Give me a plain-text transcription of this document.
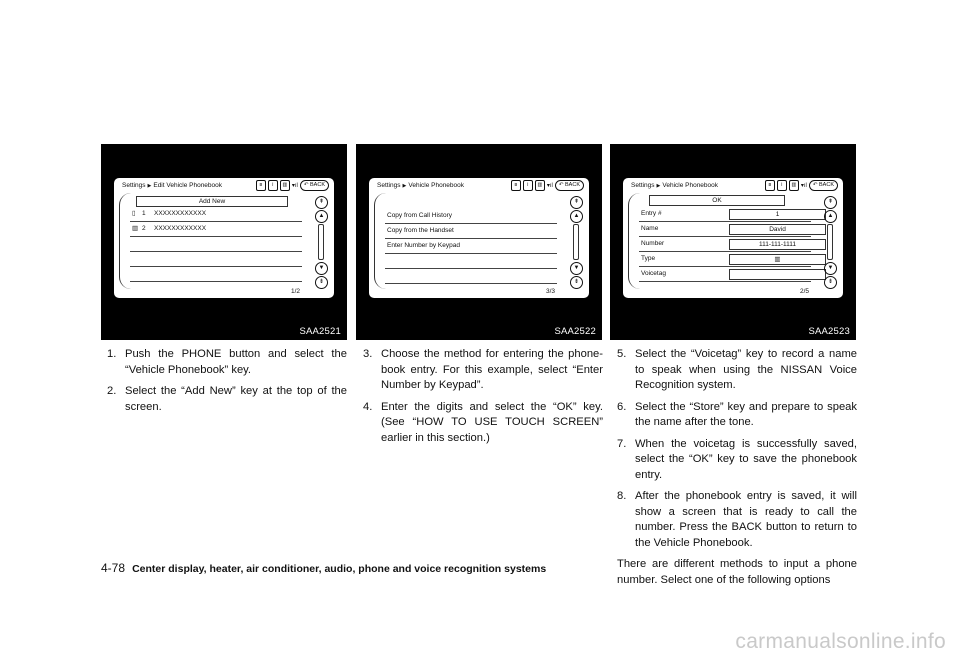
Settings ▶ Edit Vehicle Phonebook	ʙ	i	▥ ▾ıl	↶ BACK
Add New
▯ 1 XXXXXXXXXXXX
▥ 2 XXXXXXXXXXXX
1/2
⇞
▲
▼
⇟
SAA2521
Settings ▶ Vehicle Phonebook	ʙ	i	▥ ▾ıl	↶ BACK
Copy from Call History
Copy from the Handset
Enter Number by Keypad
3/3
⇞
▲
▼
⇟
SAA2522
Settings ▶ Vehicle Phonebook	ʙ	i	▥ ▾ıl	↶ BACK
OK
Entry #	1
Name	David
Number	111-111-1111
Type	▥
Voicetag
2/5
⇞
▲
▼
⇟
SAA2523
1. Push the PHONE button and select the “Vehicle Phonebook” key.
2. Select the “Add New” key at the top of the screen.
3. Choose the method for entering the phone-book entry. For this example, select “Enter Number by Keypad”.
4. Enter the digits and select the “OK” key. (See “HOW TO USE TOUCH SCREEN” earlier in this section.)
5. Select the “Voicetag” key to record a name to speak when using the NISSAN Voice Recognition system.
6. Select the “Store” key and prepare to speak the name after the tone.
7. When the voicetag is successfully saved, select the “OK” key to save the phonebook entry.
8. After the phonebook entry is saved, it will show a screen that is ready to call the number. Press the BACK button to return to the Vehicle Phonebook.

There are different methods to input a phone number. Select one of the following options

4-78 Center display, heater, air conditioner, audio, phone and voice recognition systems
carmanualsonline.info
